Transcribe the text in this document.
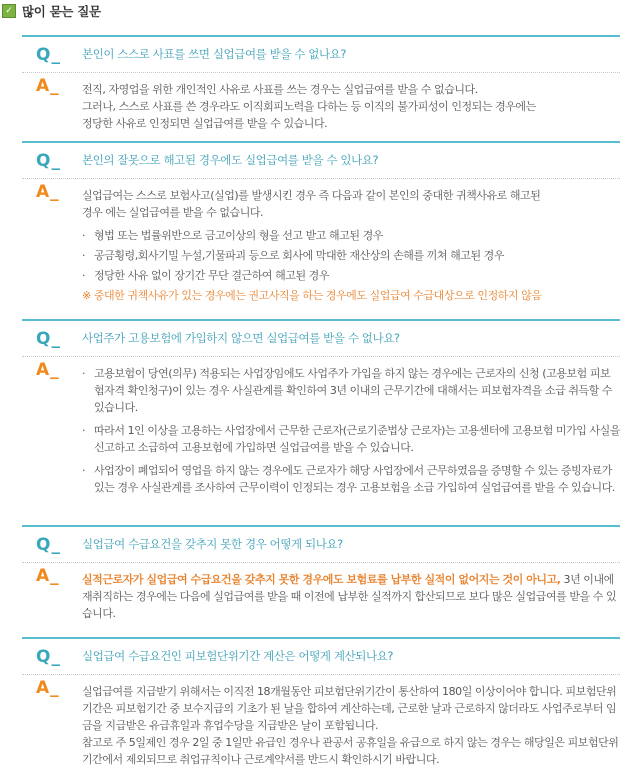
✓ 많이 묻는 질문
Q_ 본인이 스스로 사표를 쓰면 실업급여를 받을 수 없나요?
A_ 전직, 자영업을 위한 개인적인 사유로 사표를 쓰는 경우는 실업급여를 받을 수 없습니다.

그러나, 스스로 사표를 쓴 경우라도 이직회피노력을 다하는 등 이직의 불가피성이 인정되는 경우에는

정당한 사유로 인정되면 실업급여를 받을 수 있습니다.

Q_ 본인의 잘못으로 해고된 경우에도 실업급여를 받을 수 있나요?
A_ 실업급여는 스스로 보험사고(실업)를 발생시킨 경우 즉 다음과 같이 본인의 중대한 귀책사유로 해고된

경우 에는 실업급여를 받을 수 없습니다.

· 형법 또는 법률위반으로 금고이상의 형을 선고 받고 해고된 경우
· 공금횡령,회사기밀 누설,기물파괴 등으로 회사에 막대한 재산상의 손해를 끼쳐 해고된 경우
· 정당한 사유 없이 장기간 무단 결근하여 해고된 경우

※ 중대한 귀책사유가 있는 경우에는 권고사직을 하는 경우에도 실업급여 수급대상으로 인정하지 않음

Q_ 사업주가 고용보험에 가입하지 않으면 실업급여를 받을 수 없나요?
A_ · 고용보험이 당연(의무) 적용되는 사업장임에도 사업주가 가입을 하지 않는 경우에는 근로자의 신청 (고용보험 피보험자격 확인청구)이 있는 경우 사실관계를 확인하여 3년 이내의 근무기간에 대해서는 피보험자격을 소급 취득할 수 있습니다.
· 따라서 1인 이상을 고용하는 사업장에서 근무한 근로자(근로기준법상 근로자)는 고용센터에 고용보험 미가입 사실을 신고하고 소급하여 고용보험에 가입하면 실업급여를 받을 수 있습니다.
· 사업장이 폐업되어 영업을 하지 않는 경우에도 근로자가 해당 사업장에서 근무하였음을 증명할 수 있는 증빙자료가 있는 경우 사실관계를 조사하여 근무이력이 인정되는 경우 고용보험을 소급 가입하여 실업급여를 받을 수 있습니다.
Q_ 실업급여 수급요건을 갖추지 못한 경우 어떻게 되나요?
A_ 실적근로자가 실업급여 수급요건을 갖추지 못한 경우에도 보험료를 납부한 실적이 없어지는 것이 아니고, 3년 이내에 재취직하는 경우에는 다음에 실업급여를 받을 때 이전에 납부한 실적까지 합산되므로 보다 많은 실업급여를 받을 수 있습니다.

Q_ 실업급여 수급요건인 피보험단위기간 계산은 어떻게 계산되나요?
A_ 실업급여를 지급받기 위해서는 이직전 18개월동안 피보험단위기간이 통산하여 180일 이상이어야 합니다. 피보험단위기간은 피보험기간 중 보수지급의 기초가 된 날을 합하여 계산하는데, 근로한 날과 근로하지 않더라도 사업주로부터 임금을 지급받은 유급휴일과 휴업수당을 지급받은 날이 포함됩니다.

참고로 주 5일제인 경우 2일 중 1일만 유급인 경우나 관공서 공휴일을 유급으로 하지 않는 경우는 해당일은 피보험단위기간에서 제외되므로 취업규칙이나 근로계약서를 반드시 확인하시기 바랍니다.
